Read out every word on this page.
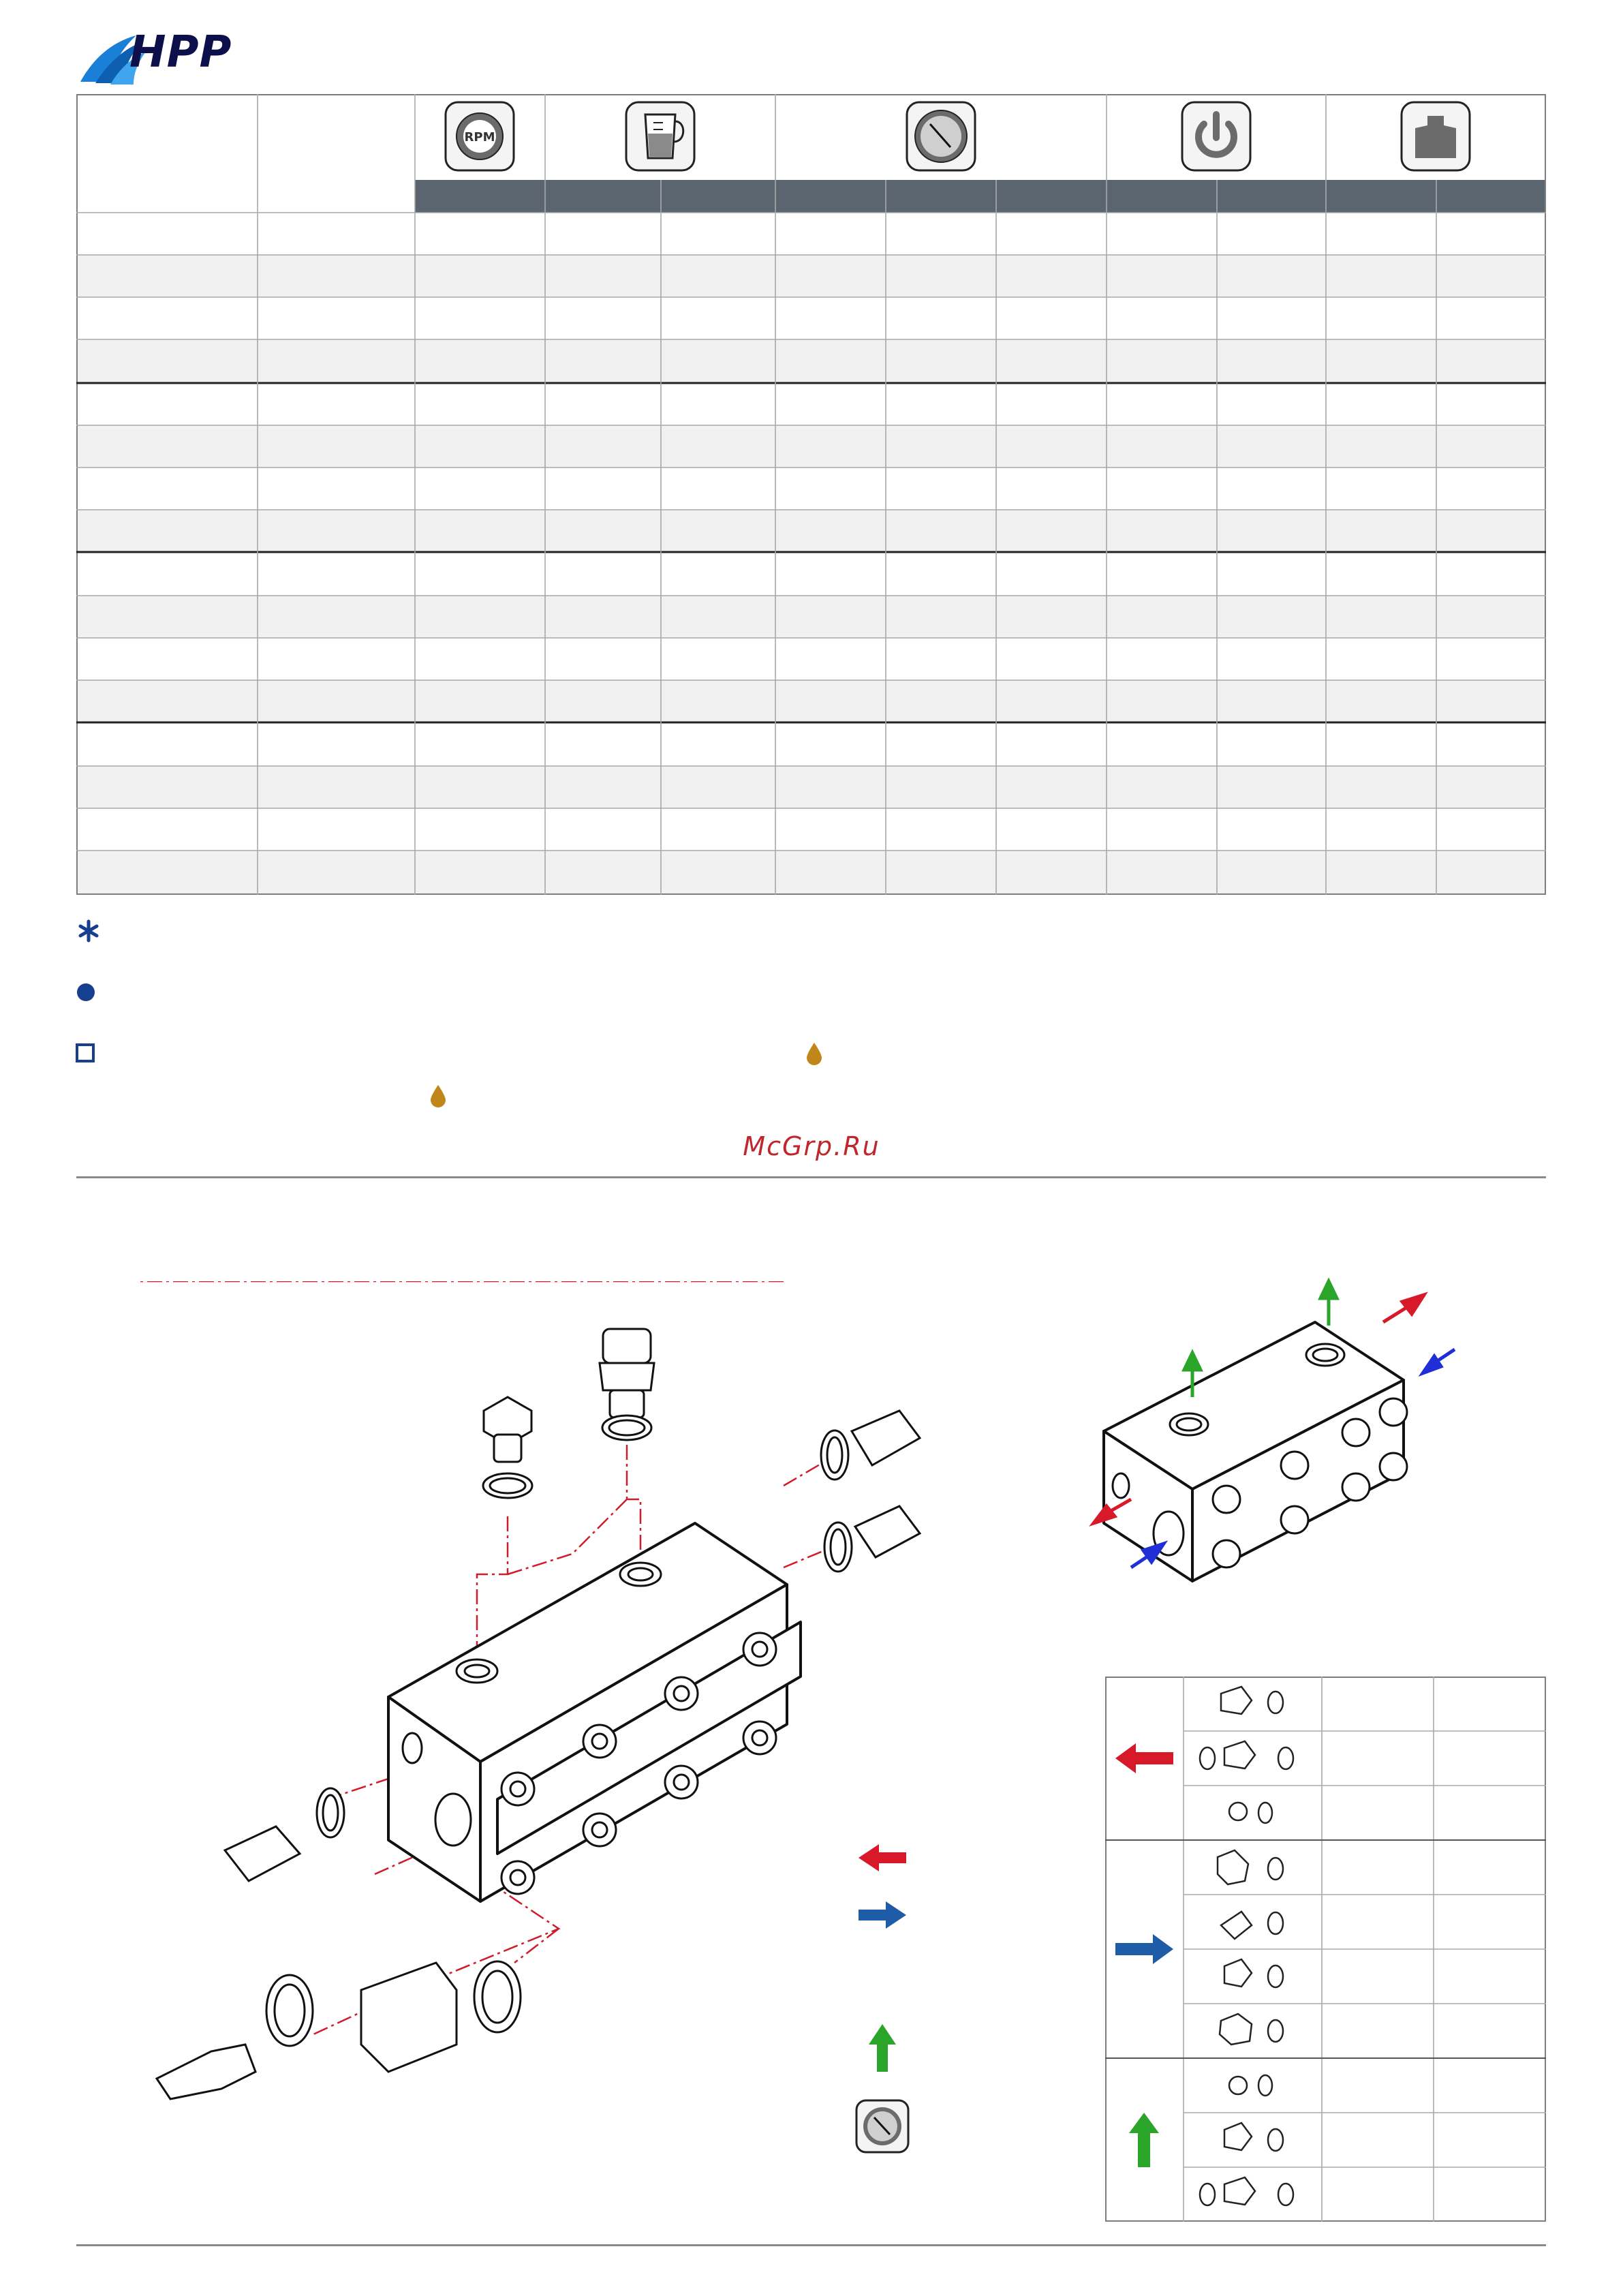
HPP
RPM
McGrp.Ru
